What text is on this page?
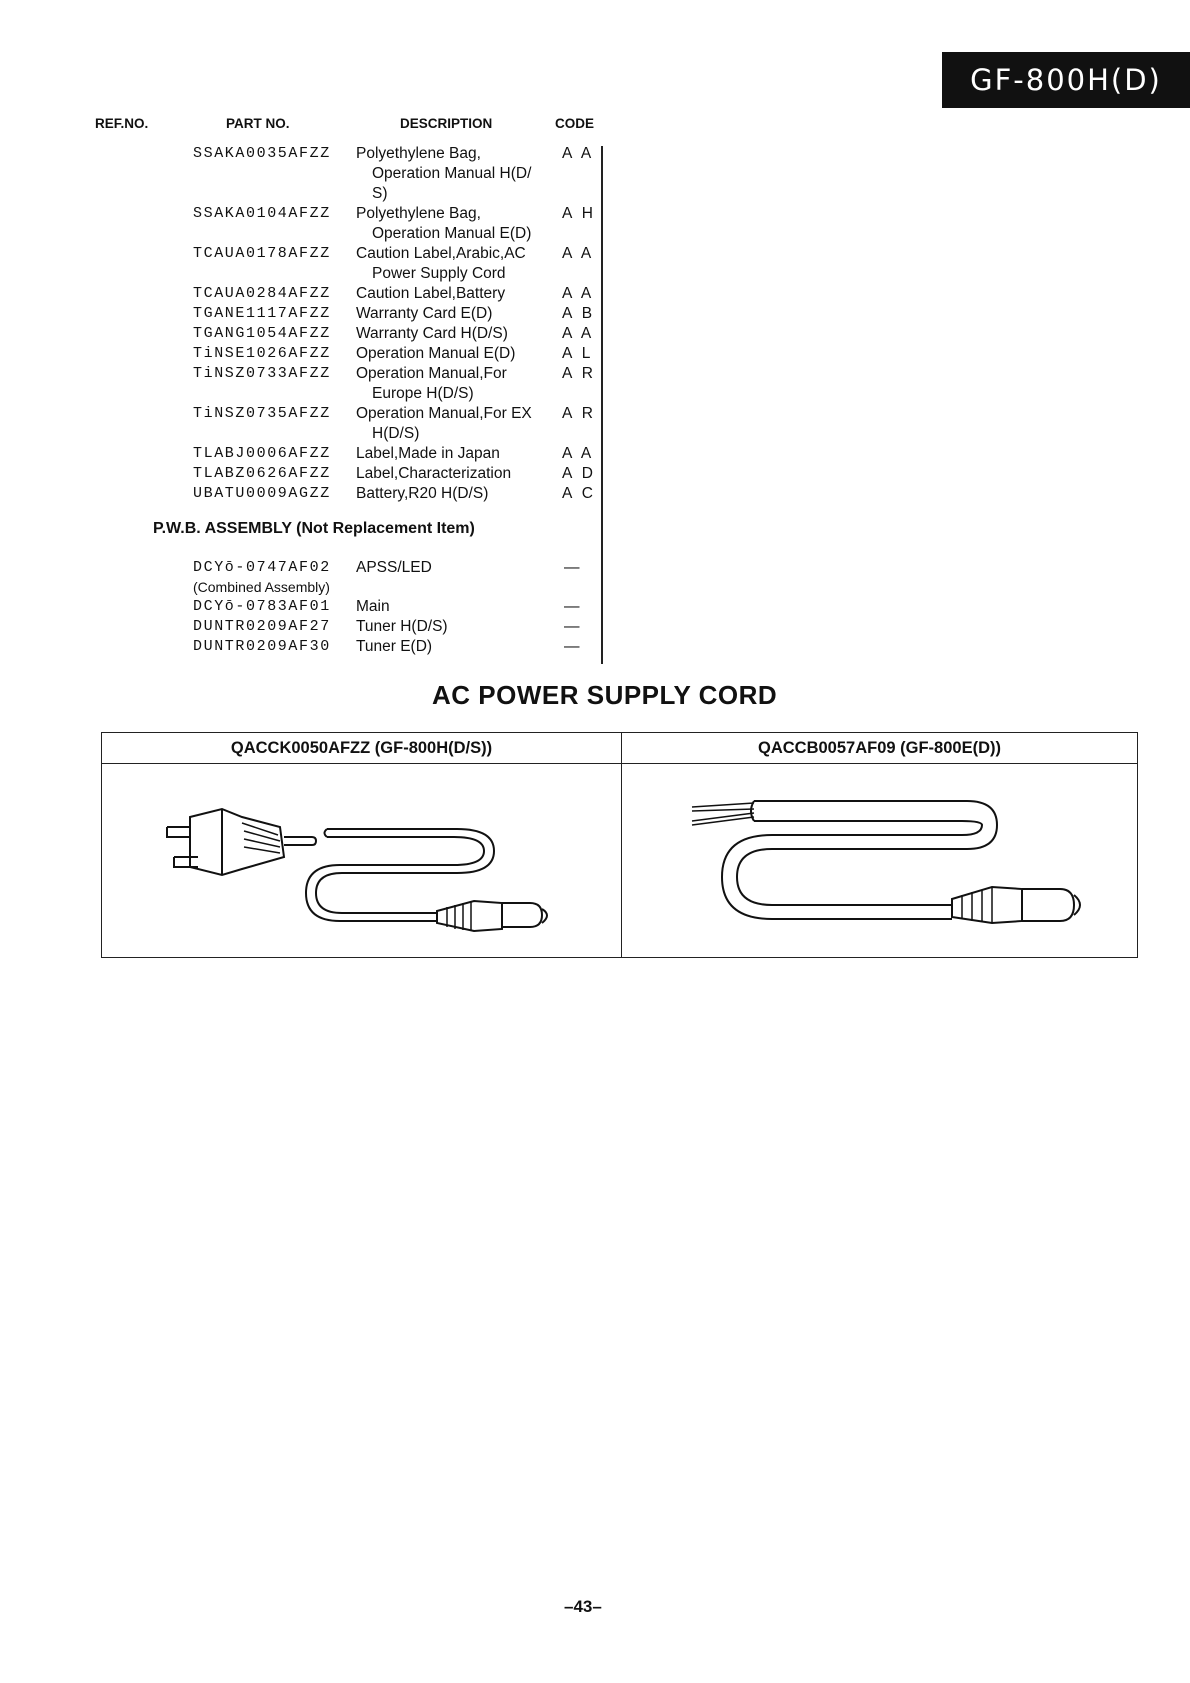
GF-800H(D)
REF.NO.	PART NO.	DESCRIPTION	CODE
SSAKA0035AFZZ Polyethylene Bag,	A A
Operation Manual H(D/
S)
SSAKA0104AFZZ Polyethylene Bag,	A H
Operation Manual E(D)
TCAUA0178AFZZ Caution Label,Arabic,AC A A
Power Supply Cord
TCAUA0284AFZZ Caution Label,Battery	A A
TGANE1117AFZZ Warranty Card E(D)	A B
TGANG1054AFZZ Warranty Card H(D/S)	A A
TiNSE1026AFZZ Operation Manual E(D)	A L
TiNSZ0733AFZZ Operation Manual,For	A R
Europe H(D/S)
TiNSZ0735AFZZ Operation Manual,For EX A R
H(D/S)
TLABJ0006AFZZ Label,Made in Japan	A A
TLABZ0626AFZZ Label,Characterization	A D
UBATU0009AGZZ Battery,R20 H(D/S)	A C
P.W.B. ASSEMBLY (Not Replacement Item)
DCYō-0747AF02 APSS/LED	—
(Combined Assembly)
DCYō-0783AF01 Main	—
DUNTR0209AF27 Tuner H(D/S)	—
DUNTR0209AF30 Tuner E(D)	—
AC POWER SUPPLY CORD
QACCK0050AFZZ (GF-800H(D/S))	QACCB0057AF09 (GF-800E(D))
–43–
